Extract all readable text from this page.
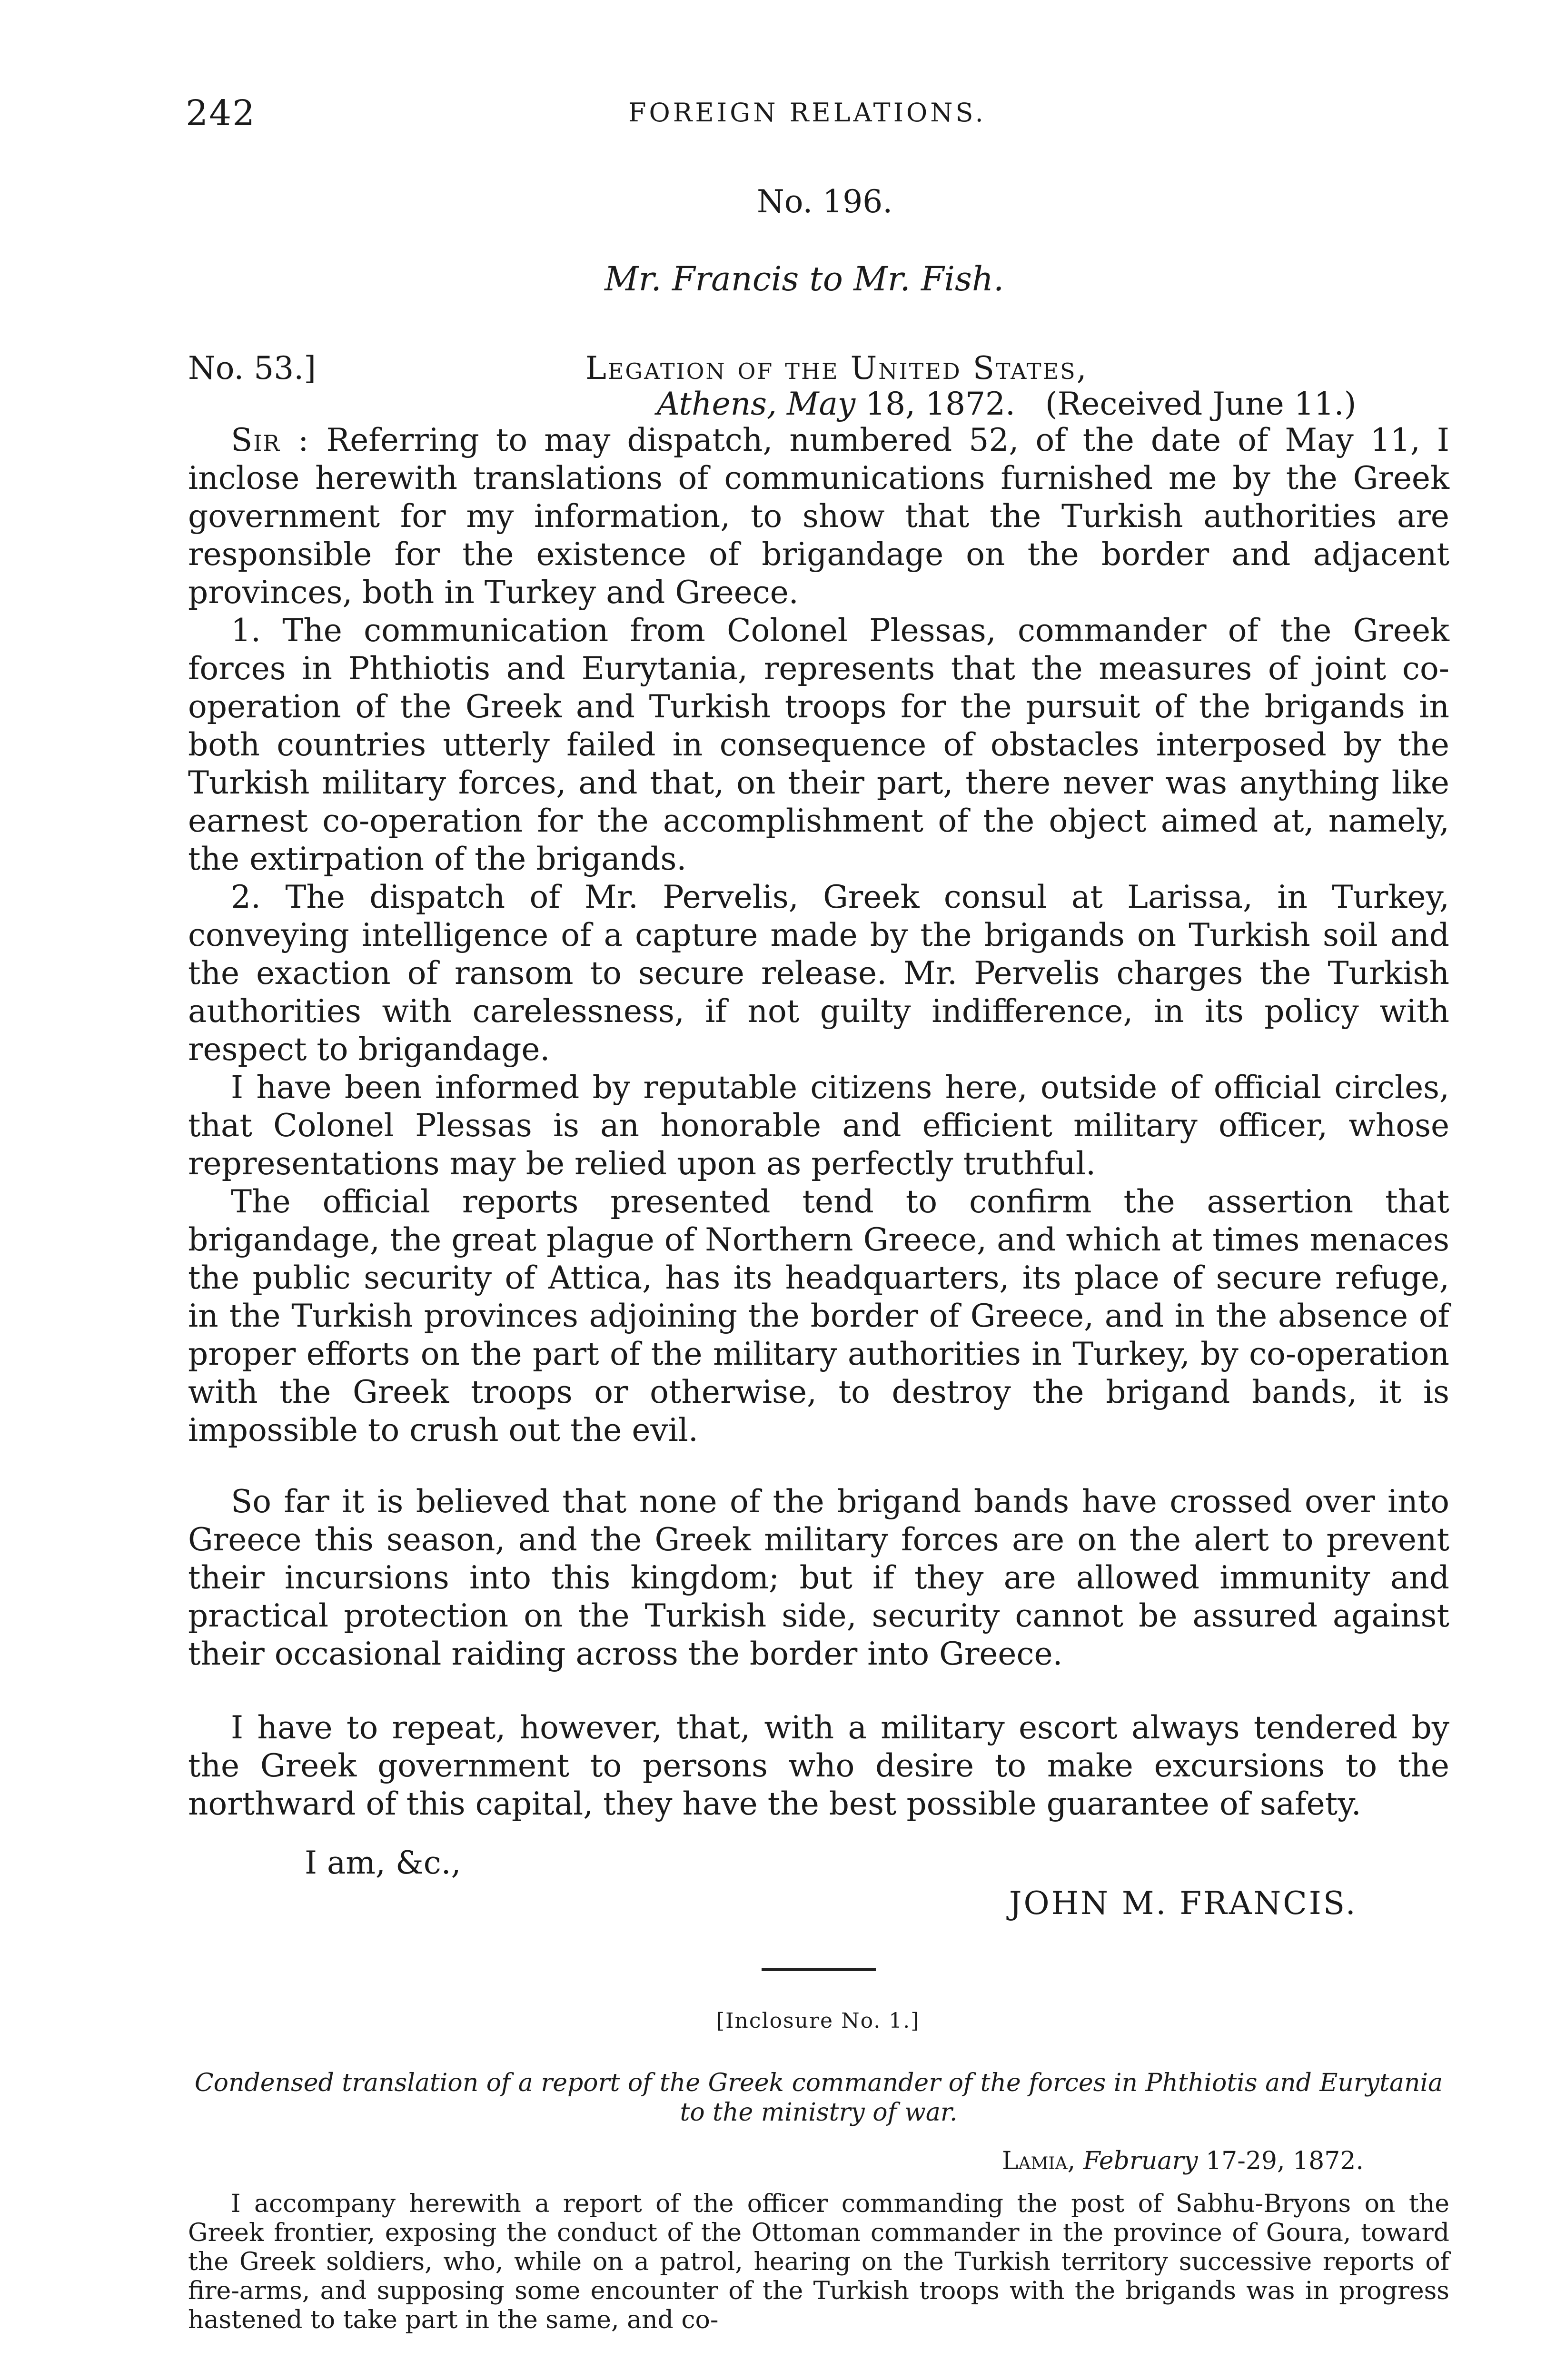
242	FOREIGN RELATIONS.
No. 196.
Mr. Francis to Mr. Fish.
No. 53.]	Legation of the United States,
Athens, May 18, 1872. (Received June 11.)

Sir : Referring to may dispatch, numbered 52, of the date of May 11, I inclose herewith translations of communications furnished me by the Greek government for my information, to show that the Turkish authorities are responsible for the existence of brigandage on the border and adjacent provinces, both in Turkey and Greece.

1. The communication from Colonel Plessas, commander of the Greek forces in Phthiotis and Eurytania, represents that the measures of joint co-operation of the Greek and Turkish troops for the pursuit of the brigands in both countries utterly failed in consequence of obstacles interposed by the Turkish military forces, and that, on their part, there never was anything like earnest co-operation for the accomplishment of the object aimed at, namely, the extirpation of the brigands.

2. The dispatch of Mr. Pervelis, Greek consul at Larissa, in Turkey, conveying intelligence of a capture made by the brigands on Turkish soil and the exaction of ransom to secure release. Mr. Pervelis charges the Turkish authorities with carelessness, if not guilty indifference, in its policy with respect to brigandage.

I have been informed by reputable citizens here, outside of official circles, that Colonel Plessas is an honorable and efficient military officer, whose representations may be relied upon as perfectly truthful.

The official reports presented tend to confirm the assertion that brigandage, the great plague of Northern Greece, and which at times menaces the public security of Attica, has its headquarters, its place of secure refuge, in the Turkish provinces adjoining the border of Greece, and in the absence of proper efforts on the part of the military authorities in Turkey, by co-operation with the Greek troops or otherwise, to destroy the brigand bands, it is impossible to crush out the evil.

So far it is believed that none of the brigand bands have crossed over into Greece this season, and the Greek military forces are on the alert to prevent their incursions into this kingdom; but if they are allowed immunity and practical protection on the Turkish side, security cannot be assured against their occasional raiding across the border into Greece.

I have to repeat, however, that, with a military escort always tendered by the Greek government to persons who desire to make excursions to the northward of this capital, they have the best possible guarantee of safety.

I am, &c.,
JOHN M. FRANCIS.
[Inclosure No. 1.]

Condensed translation of a report of the Greek commander of the forces in Phthiotis and Eurytania to the ministry of war.

Lamia, February 17-29, 1872.

I accompany herewith a report of the officer commanding the post of Sabhu-Bryons on the Greek frontier, exposing the conduct of the Ottoman commander in the province of Goura, toward the Greek soldiers, who, while on a patrol, hearing on the Turkish territory successive reports of fire-arms, and supposing some encounter of the Turkish troops with the brigands was in progress hastened to take part in the same, and co-
